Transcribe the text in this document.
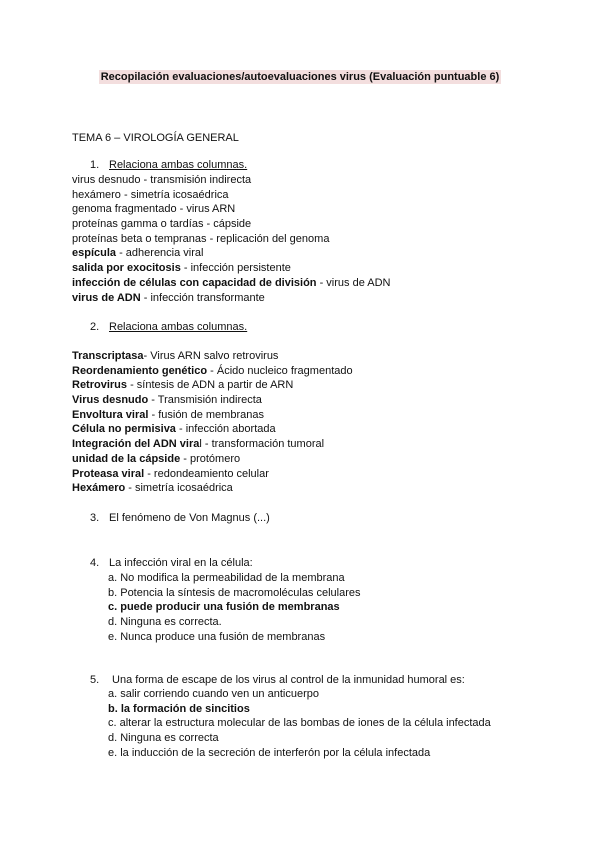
Recopilación evaluaciones/autoevaluaciones virus (Evaluación puntuable 6)
TEMA 6 – VIROLOGÍA GENERAL
1. Relaciona ambas columnas.
virus desnudo - transmisión indirecta
hexámero - simetría icosaédrica
genoma fragmentado - virus ARN
proteínas gamma o tardías - cápside
proteínas beta o tempranas - replicación del genoma
espícula - adherencia viral
salida por exocitosis - infección persistente
infección de células con capacidad de división - virus de ADN
virus de ADN - infección transformante
2. Relaciona ambas columnas.
Transcriptasa- Virus ARN salvo retrovirus
Reordenamiento genético - Ácido nucleico fragmentado
Retrovirus - síntesis de ADN a partir de ARN
Virus desnudo - Transmisión indirecta
Envoltura viral - fusión de membranas
Célula no permisiva - infección abortada
Integración del ADN viral - transformación tumoral
unidad de la cápside - protómero
Proteasa viral - redondeamiento celular
Hexámero - simetría icosaédrica
3. El fenómeno de Von Magnus (...)
4. La infección viral en la célula:
a. No modifica la permeabilidad de la membrana
b. Potencia la síntesis de macromoléculas celulares
c. puede producir una fusión de membranas
d. Ninguna es correcta.
e. Nunca produce una fusión de membranas
5. Una forma de escape de los virus al control de la inmunidad humoral es:
a. salir corriendo cuando ven un anticuerpo
b. la formación de sincitios
c. alterar la estructura molecular de las bombas de iones de la célula infectada
d. Ninguna es correcta
e. la inducción de la secreción de interferón por la célula infectada
